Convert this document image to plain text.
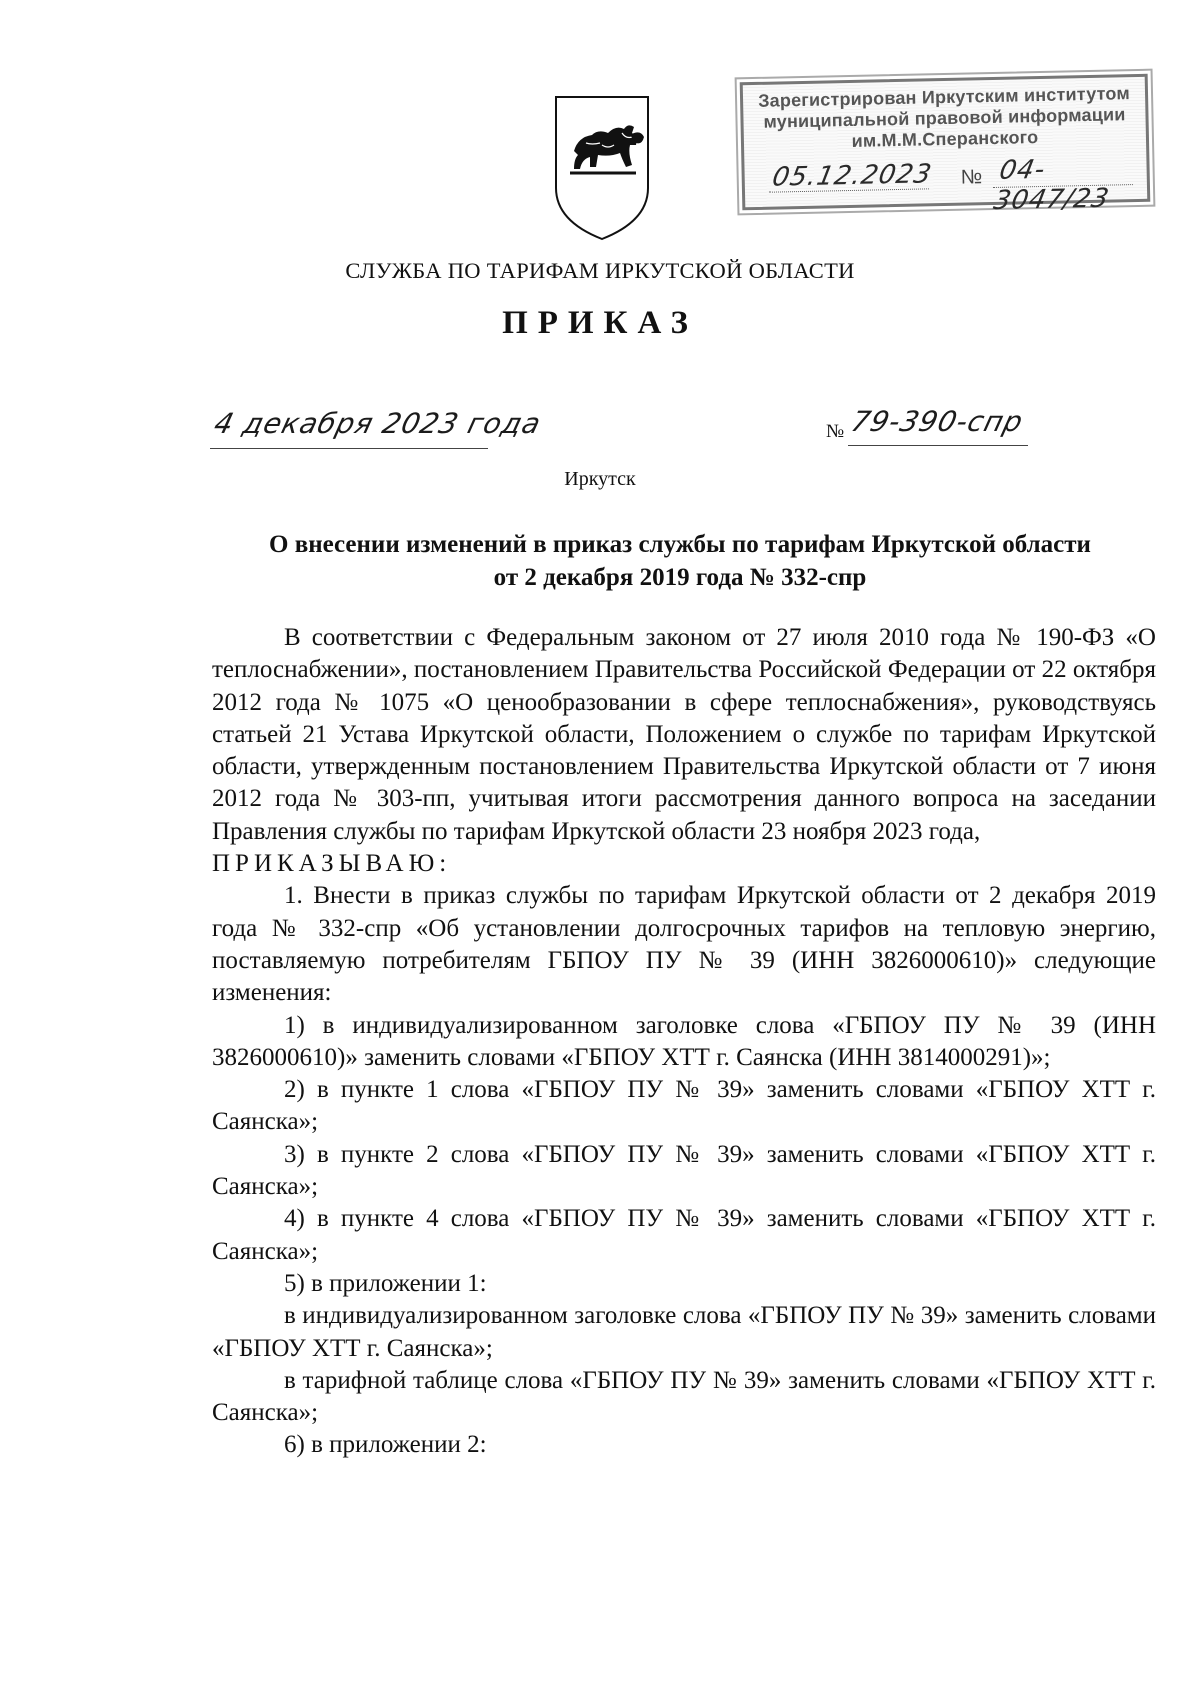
Зарегистрирован Иркутским институтом
муниципальной правовой информации
им.М.М.Сперанского
05.12.2023 № 04-3047/23
СЛУЖБА ПО ТАРИФАМ ИРКУТСКОЙ ОБЛАСТИ
ПРИКАЗ
4 декабря 2023 года	№ 79-390-спр
Иркутск
О внесении изменений в приказ службы по тарифам Иркутской области
от 2 декабря 2019 года № 332-спр

В соответствии с Федеральным законом от 27 июля 2010 года № 190-ФЗ «О теплоснабжении», постановлением Правительства Российской Федерации от 22 октября 2012 года № 1075 «О ценообразовании в сфере теплоснабжения», руководствуясь статьей 21 Устава Иркутской области, Положением о службе по тарифам Иркутской области, утвержденным постановлением Правительства Иркутской области от 7 июня 2012 года № 303-пп, учитывая итоги рассмотрения данного вопроса на заседании Правления службы по тарифам Иркутской области 23 ноября 2023 года,

ПРИКАЗЫВАЮ:

1. Внести в приказ службы по тарифам Иркутской области от 2 декабря 2019 года № 332-спр «Об установлении долгосрочных тарифов на тепловую энергию, поставляемую потребителям ГБПОУ ПУ № 39 (ИНН 3826000610)» следующие изменения:

1) в индивидуализированном заголовке слова «ГБПОУ ПУ № 39 (ИНН 3826000610)» заменить словами «ГБПОУ ХТТ г. Саянска (ИНН 3814000291)»;

2) в пункте 1 слова «ГБПОУ ПУ № 39» заменить словами «ГБПОУ ХТТ г. Саянска»;

3) в пункте 2 слова «ГБПОУ ПУ № 39» заменить словами «ГБПОУ ХТТ г. Саянска»;

4) в пункте 4 слова «ГБПОУ ПУ № 39» заменить словами «ГБПОУ ХТТ г. Саянска»;

5) в приложении 1:

в индивидуализированном заголовке слова «ГБПОУ ПУ № 39» заменить словами «ГБПОУ ХТТ г. Саянска»;

в тарифной таблице слова «ГБПОУ ПУ № 39» заменить словами «ГБПОУ ХТТ г. Саянска»;

6) в приложении 2:
